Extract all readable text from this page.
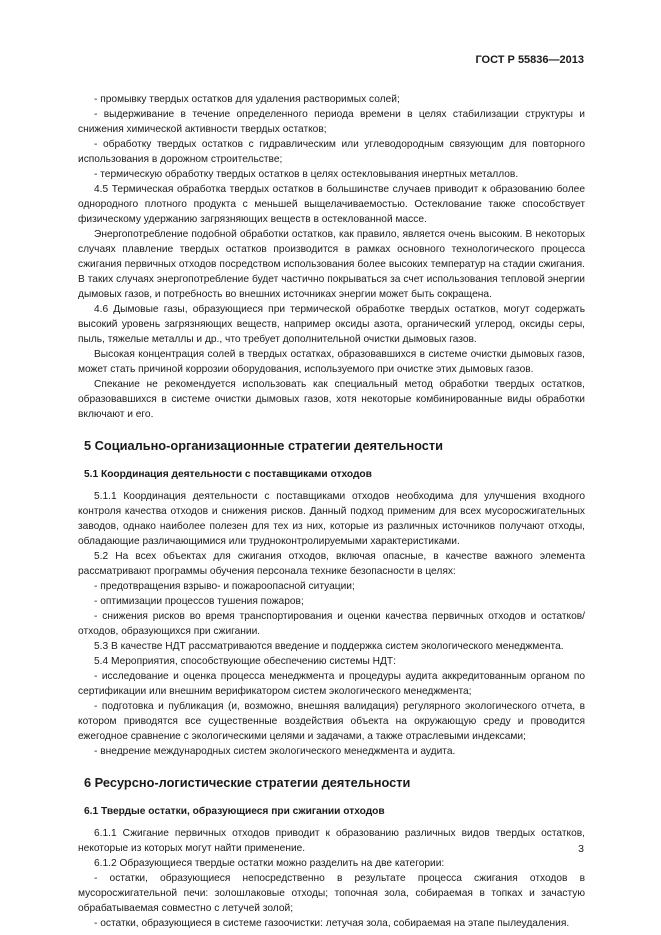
ГОСТ Р 55836—2013

- промывку твердых остатков для удаления растворимых солей;

- выдерживание в течение определенного периода времени в целях стабилизации структуры и снижения химической активности твердых остатков;

- обработку твердых остатков с гидравлическим или углеводородным связующим для повторного использования в дорожном строительстве;

- термическую обработку твердых остатков в целях остекловывания инертных металлов.

4.5 Термическая обработка твердых остатков в большинстве случаев приводит к образованию более однородного плотного продукта с меньшей выщелачиваемостью. Остеклование также способствует физическому удержанию загрязняющих веществ в остеклованной массе.

Энергопотребление подобной обработки остатков, как правило, является очень высоким. В некоторых случаях плавление твердых остатков производится в рамках основного технологического процесса сжигания первичных отходов посредством использования более высоких температур на стадии сжигания. В таких случаях энергопотребление будет частично покрываться за счет использования тепловой энергии дымовых газов, и потребность во внешних источниках энергии может быть сокращена.

4.6 Дымовые газы, образующиеся при термической обработке твердых остатков, могут содержать высокий уровень загрязняющих веществ, например оксиды азота, органический углерод, оксиды серы, пыль, тяжелые металлы и др., что требует дополнительной очистки дымовых газов.

Высокая концентрация солей в твердых остатках, образовавшихся в системе очистки дымовых газов, может стать причиной коррозии оборудования, используемого при очистке этих дымовых газов.

Спекание не рекомендуется использовать как специальный метод обработки твердых остатков, образовавшихся в системе очистки дымовых газов, хотя некоторые комбинированные виды обработки включают и его.

5 Социально-организационные стратегии деятельности
5.1 Координация деятельности с поставщиками отходов

5.1.1 Координация деятельности с поставщиками отходов необходима для улучшения входного контроля качества отходов и снижения рисков. Данный подход применим для всех мусоросжигательных заводов, однако наиболее полезен для тех из них, которые из различных источников получают отходы, обладающие различающимися или трудноконтролируемыми характеристиками.

5.2 На всех объектах для сжигания отходов, включая опасные, в качестве важного элемента рассматривают программы обучения персонала технике безопасности в целях:

- предотвращения взрыво- и пожароопасной ситуации;

- оптимизации процессов тушения пожаров;

- снижения рисков во время транспортирования и оценки качества первичных отходов и остатков/отходов, образующихся при сжигании.

5.3 В качестве НДТ рассматриваются введение и поддержка систем экологического менеджмента.

5.4 Мероприятия, способствующие обеспечению системы НДТ:

- исследование и оценка процесса менеджмента и процедуры аудита аккредитованным органом по сертификации или внешним верификатором систем экологического менеджмента;

- подготовка и публикация (и, возможно, внешняя валидация) регулярного экологического отчета, в котором приводятся все существенные воздействия объекта на окружающую среду и проводится ежегодное сравнение с экологическими целями и задачами, а также отраслевыми индексами;

- внедрение международных систем экологического менеджмента и аудита.

6 Ресурсно-логистические стратегии деятельности
6.1 Твердые остатки, образующиеся при сжигании отходов

6.1.1 Сжигание первичных отходов приводит к образованию различных видов твердых остатков, некоторые из которых могут найти применение.

6.1.2 Образующиеся твердые остатки можно разделить на две категории:

- остатки, образующиеся непосредственно в результате процесса сжигания отходов в мусоросжигательной печи: золошлаковые отходы; топочная зола, собираемая в топках и зачастую обрабатываемая совместно с летучей золой;

- остатки, образующиеся в системе газоочистки: летучая зола, собираемая на этапе пылеудаления.

3
